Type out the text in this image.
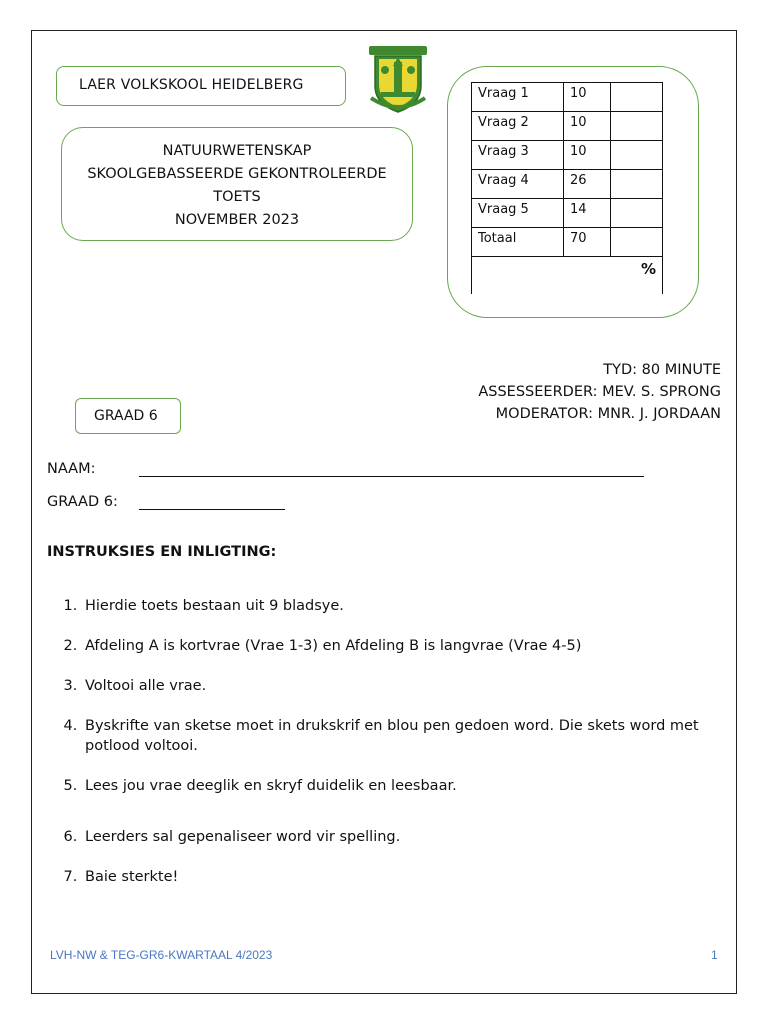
LAER VOLKSKOOL HEIDELBERG
NATUURWETENSKAP
SKOOLGEBASSEERDE GEKONTROLEERDE
TOETS
NOVEMBER 2023
Vraag 1	10	
Vraag 2	10	
Vraag 3	10	
Vraag 4	26	
Vraag 5	14	
Totaal	70	
%		
TYD: 80 MINUTE
ASSESSEERDER: MEV. S. SPRONG
MODERATOR: MNR. J. JORDAAN
GRAAD 6
NAAM:
GRAAD 6:
INSTRUKSIES EN INLIGTING:
1. Hierdie toets bestaan uit 9 bladsye.
2. Afdeling A is kortvrae (Vrae 1-3) en Afdeling B is langvrae (Vrae 4-5)
3. Voltooi alle vrae.
4. Byskrifte van sketse moet in drukskrif en blou pen gedoen word. Die skets word met potlood voltooi.
5. Lees jou vrae deeglik en skryf duidelik en leesbaar.
6. Leerders sal gepenaliseer word vir spelling.
7. Baie sterkte!
LVH-NW & TEG-GR6-KWARTAAL 4/2023	1
